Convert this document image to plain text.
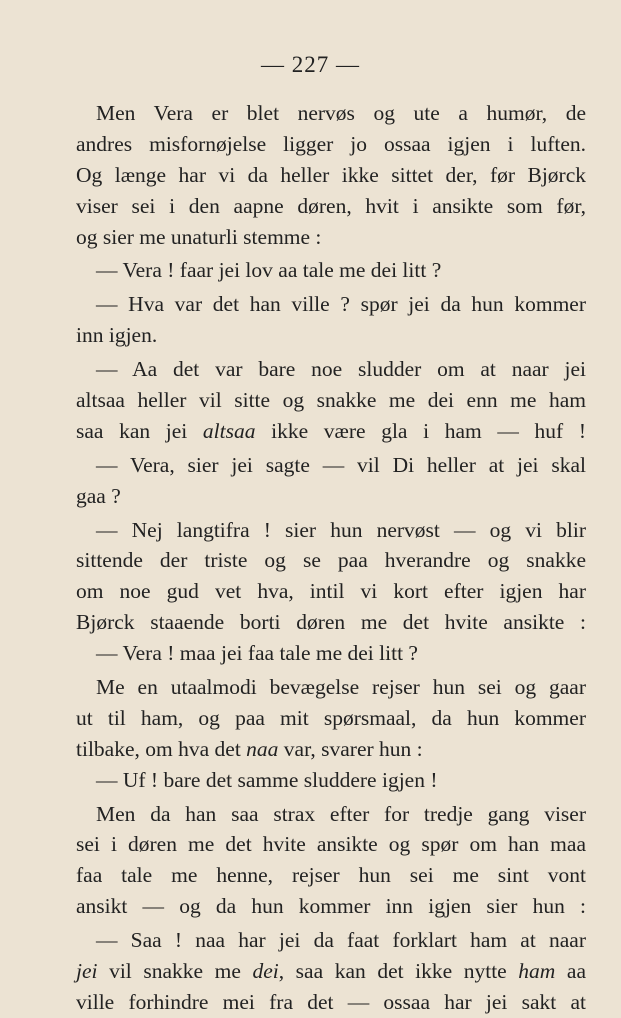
— 227 —
Men Vera er blet nervøs og ute a humør, de
andres misfornøjelse ligger jo ossaa igjen i luften.
Og længe har vi da heller ikke sittet der, før Bjørck
viser sei i den aapne døren, hvit i ansikte som før,
og sier me unaturli stemme :
— Vera ! faar jei lov aa tale me dei litt ?
— Hva var det han ville ? spør jei da hun kommer
inn igjen.
— Aa det var bare noe sludder om at naar jei
altsaa heller vil sitte og snakke me dei enn me ham
saa kan jei altsaa ikke være gla i ham — huf !
— Vera, sier jei sagte — vil Di heller at jei skal
gaa ?
— Nej langtifra ! sier hun nervøst — og vi blir
sittende der triste og se paa hverandre og snakke
om noe gud vet hva, intil vi kort efter igjen har
Bjørck staaende borti døren me det hvite ansikte :
— Vera ! maa jei faa tale me dei litt ?
Me en utaalmodi bevægelse rejser hun sei og gaar
ut til ham, og paa mit spørsmaal, da hun kommer
tilbake, om hva det naa var, svarer hun :
— Uf ! bare det samme sluddere igjen !
Men da han saa strax efter for tredje gang viser
sei i døren me det hvite ansikte og spør om han maa
faa tale me henne, rejser hun sei me sint vont
ansikt — og da hun kommer inn igjen sier hun :
— Saa ! naa har jei da faat forklart ham at naar
jei vil snakke me dei, saa kan det ikke nytte ham aa
ville forhindre mei fra det — ossaa har jei sakt at
